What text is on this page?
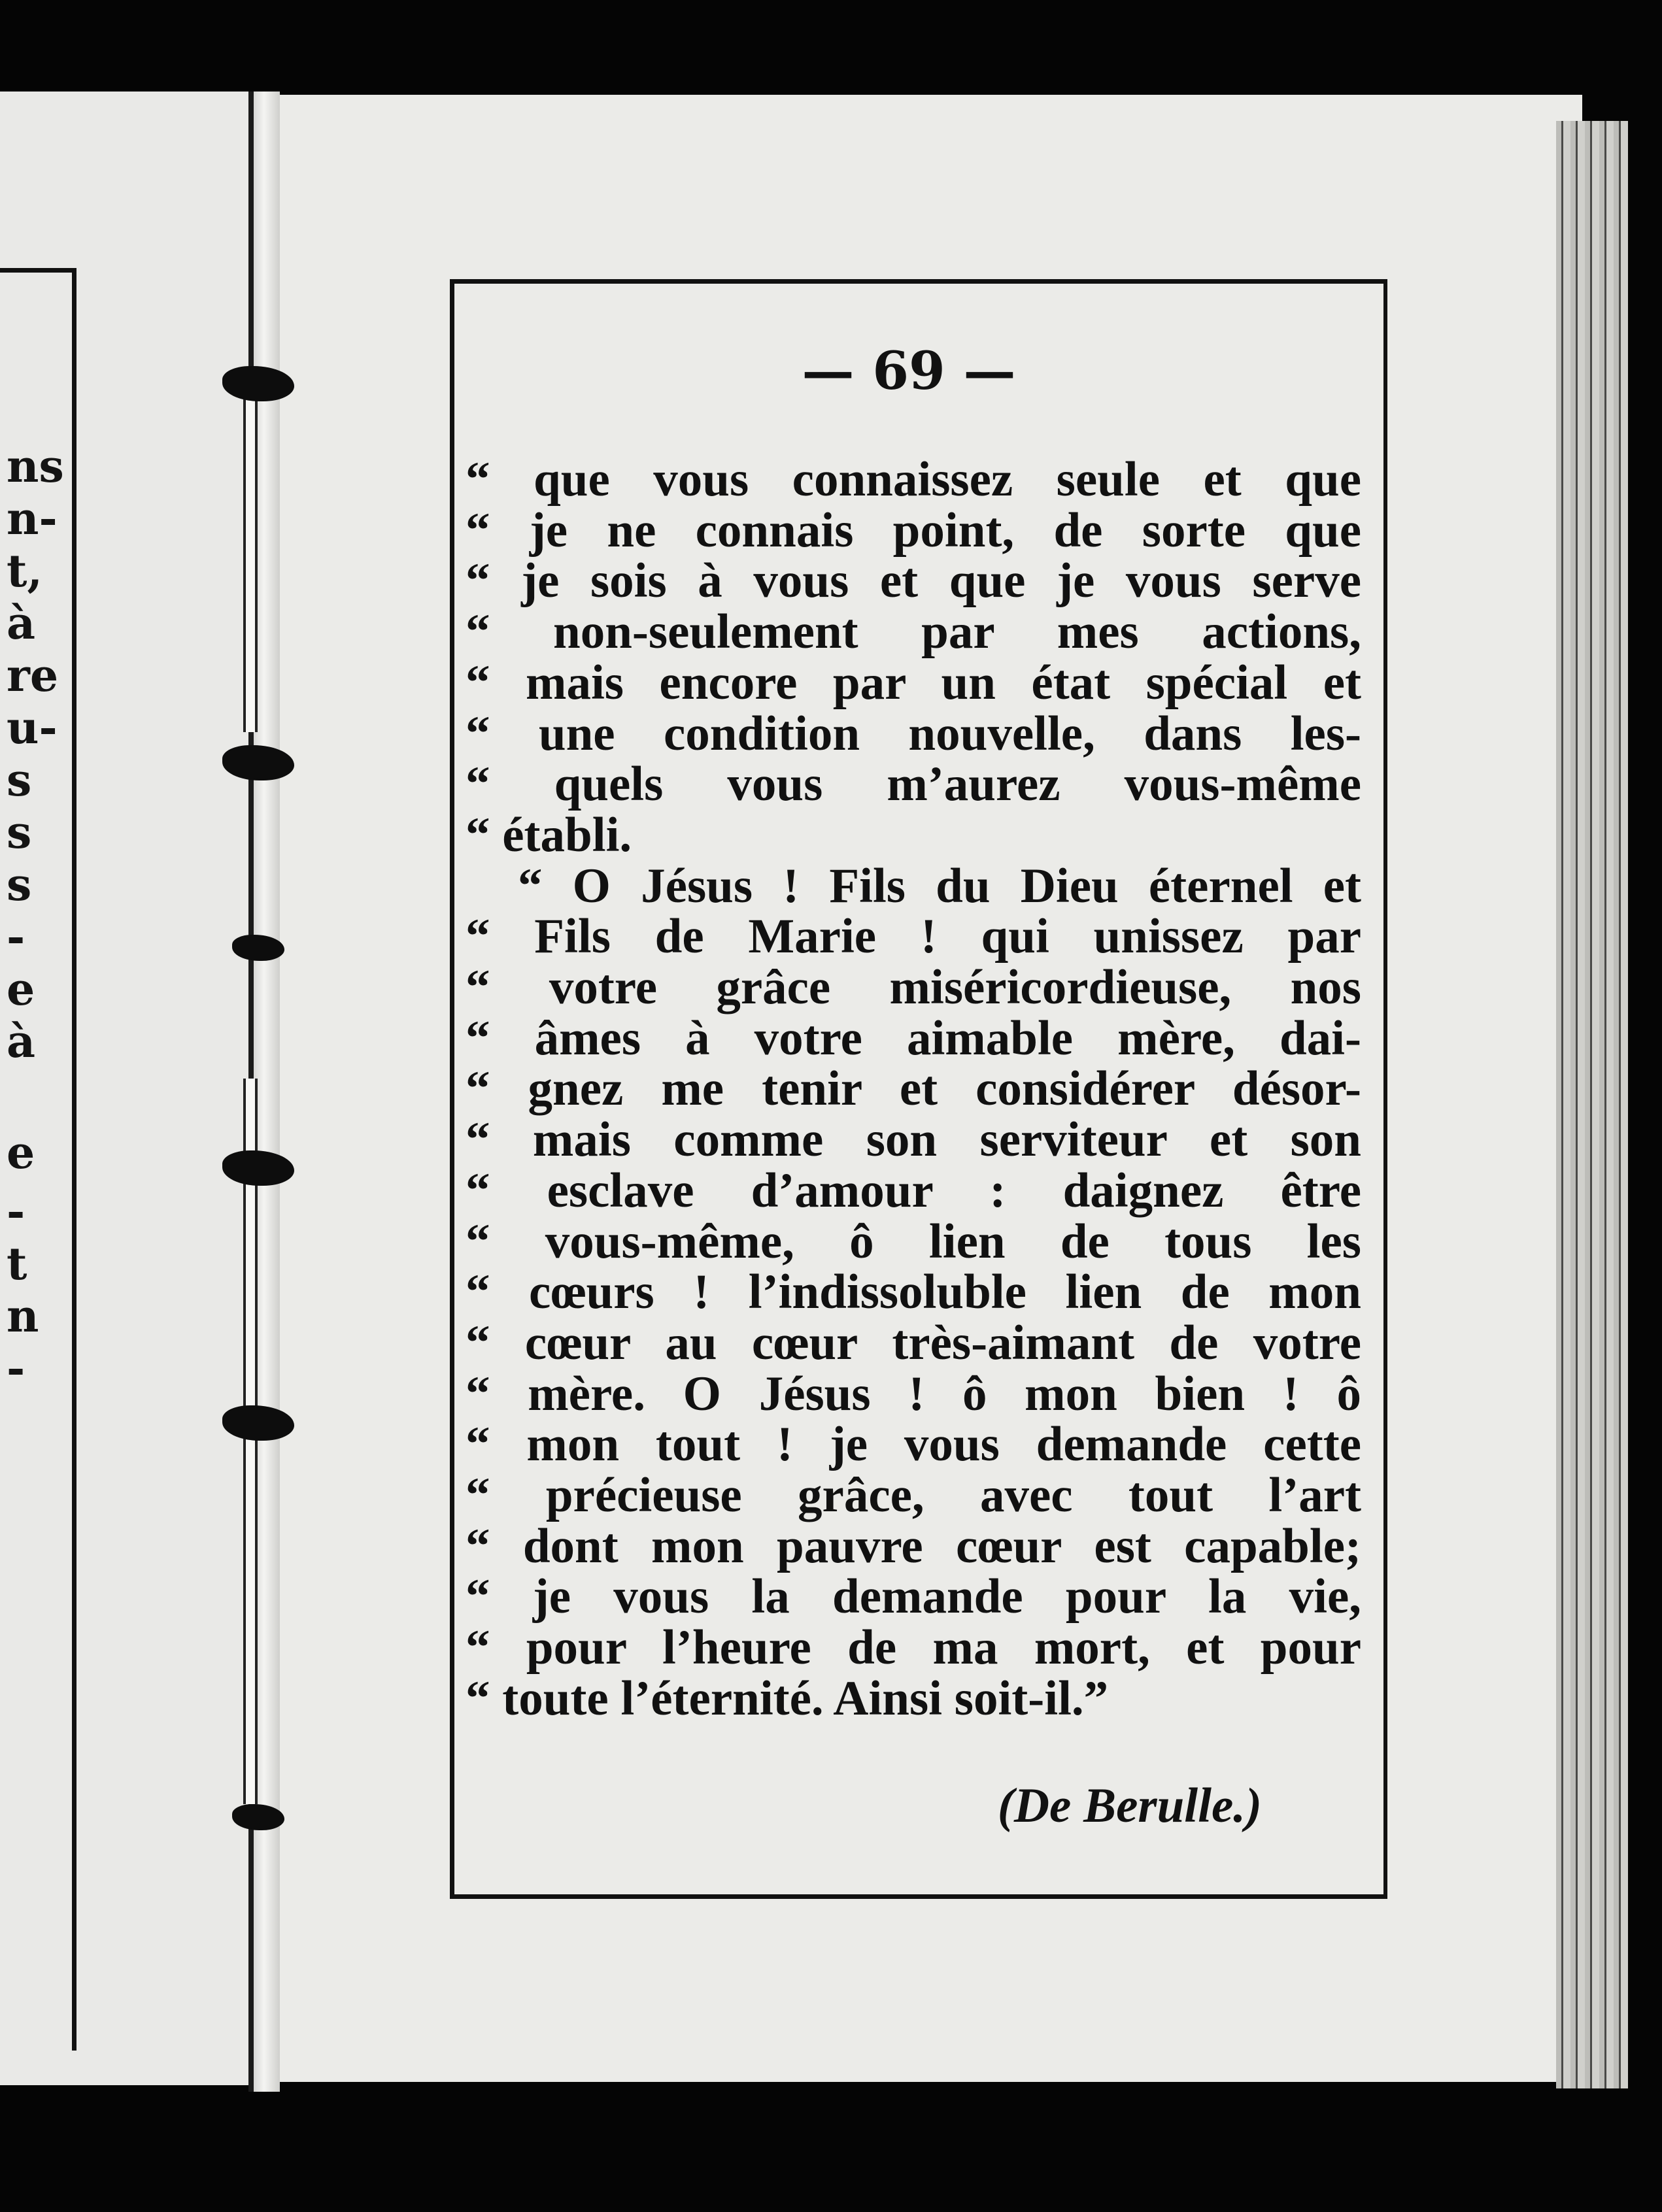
ns
n-
t,
à
re
u-
s
s
s
-
e
à
e
-
t
n
-
— 69 —
“ que vous connaissez seule et que
“ je ne connais point, de sorte que
“ je sois à vous et que je vous serve
“ non-seulement par mes actions,
“ mais encore par un état spécial et
“ une condition nouvelle, dans les-
“ quels vous m’aurez vous-même
“ établi.
“ O Jésus ! Fils du Dieu éternel et
“ Fils de Marie ! qui unissez par
“ votre grâce miséricordieuse, nos
“ âmes à votre aimable mère, dai-
“ gnez me tenir et considérer désor-
“ mais comme son serviteur et son
“ esclave d’amour : daignez être
“ vous-même, ô lien de tous les
“ cœurs ! l’indissoluble lien de mon
“ cœur au cœur très-aimant de votre
“ mère. O Jésus ! ô mon bien ! ô
“ mon tout ! je vous demande cette
“ précieuse grâce, avec tout l’art
“ dont mon pauvre cœur est capable;
“ je vous la demande pour la vie,
“ pour l’heure de ma mort, et pour
“ toute l’éternité. Ainsi soit-il.”
(De Berulle.)
